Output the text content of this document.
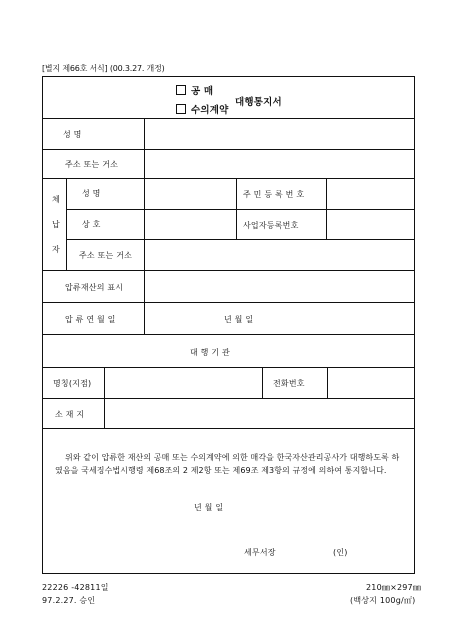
[별지 제66호 서식] (00.3.27. 개정)
공 매
수의계약
대행통지서
성 명
주소 또는 거소
체
납
자
성 명	주 민 등 록 번 호
상 호	사업자등록번호
주소 또는 거소
압류재산의 표시
압 류 연 월 일	년 월 일
대 행 기 관
명칭(지점)	전화번호
소 재 지
위와 같이 압류한 재산의 공매 또는 수의계약에 의한 매각을 한국자산관리공사가 대행하도록 하였음을 국세징수법시행령 제68조의 2 제2항 또는 제69조 제3항의 규정에 의하여 통지합니다.
년 월 일
세무서장	(인)
22226 -42811일
97.2.27. 승인
210㎜×297㎜
(백상지 100g/㎡)
